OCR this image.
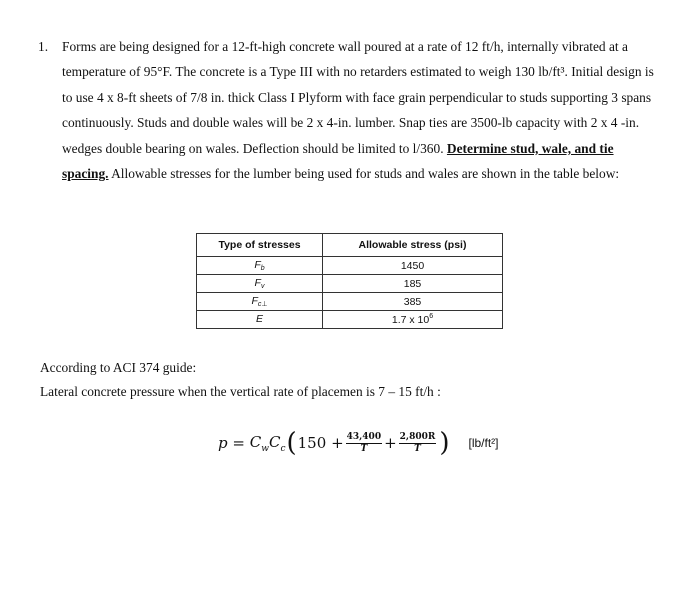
1. Forms are being designed for a 12-ft-high concrete wall poured at a rate of 12 ft/h, internally vibrated at a temperature of 95°F. The concrete is a Type III with no retarders estimated to weigh 130 lb/ft³. Initial design is to use 4 x 8-ft sheets of 7/8 in. thick Class I Plyform with face grain perpendicular to studs supporting 3 spans continuously. Studs and double wales will be 2 x 4-in. lumber. Snap ties are 3500-lb capacity with 2 x 4 -in. wedges double bearing on wales. Deflection should be limited to l/360. Determine stud, wale, and tie spacing. Allowable stresses for the lumber being used for studs and wales are shown in the table below:
Type of stresses	Allowable stress (psi)
$F_b$	1450
$F_v$	185
$F_{c\perp}$	385
E	1.7 x $10^6$
According to ACI 374 guide:
Lateral concrete pressure when the vertical rate of placemen is 7 – 15 ft/h :
$p = C_w$ $C_c$ ( $150 + \frac{43,400}{T} + \frac{2,800R}{T}$ ) [lb/ft²]
